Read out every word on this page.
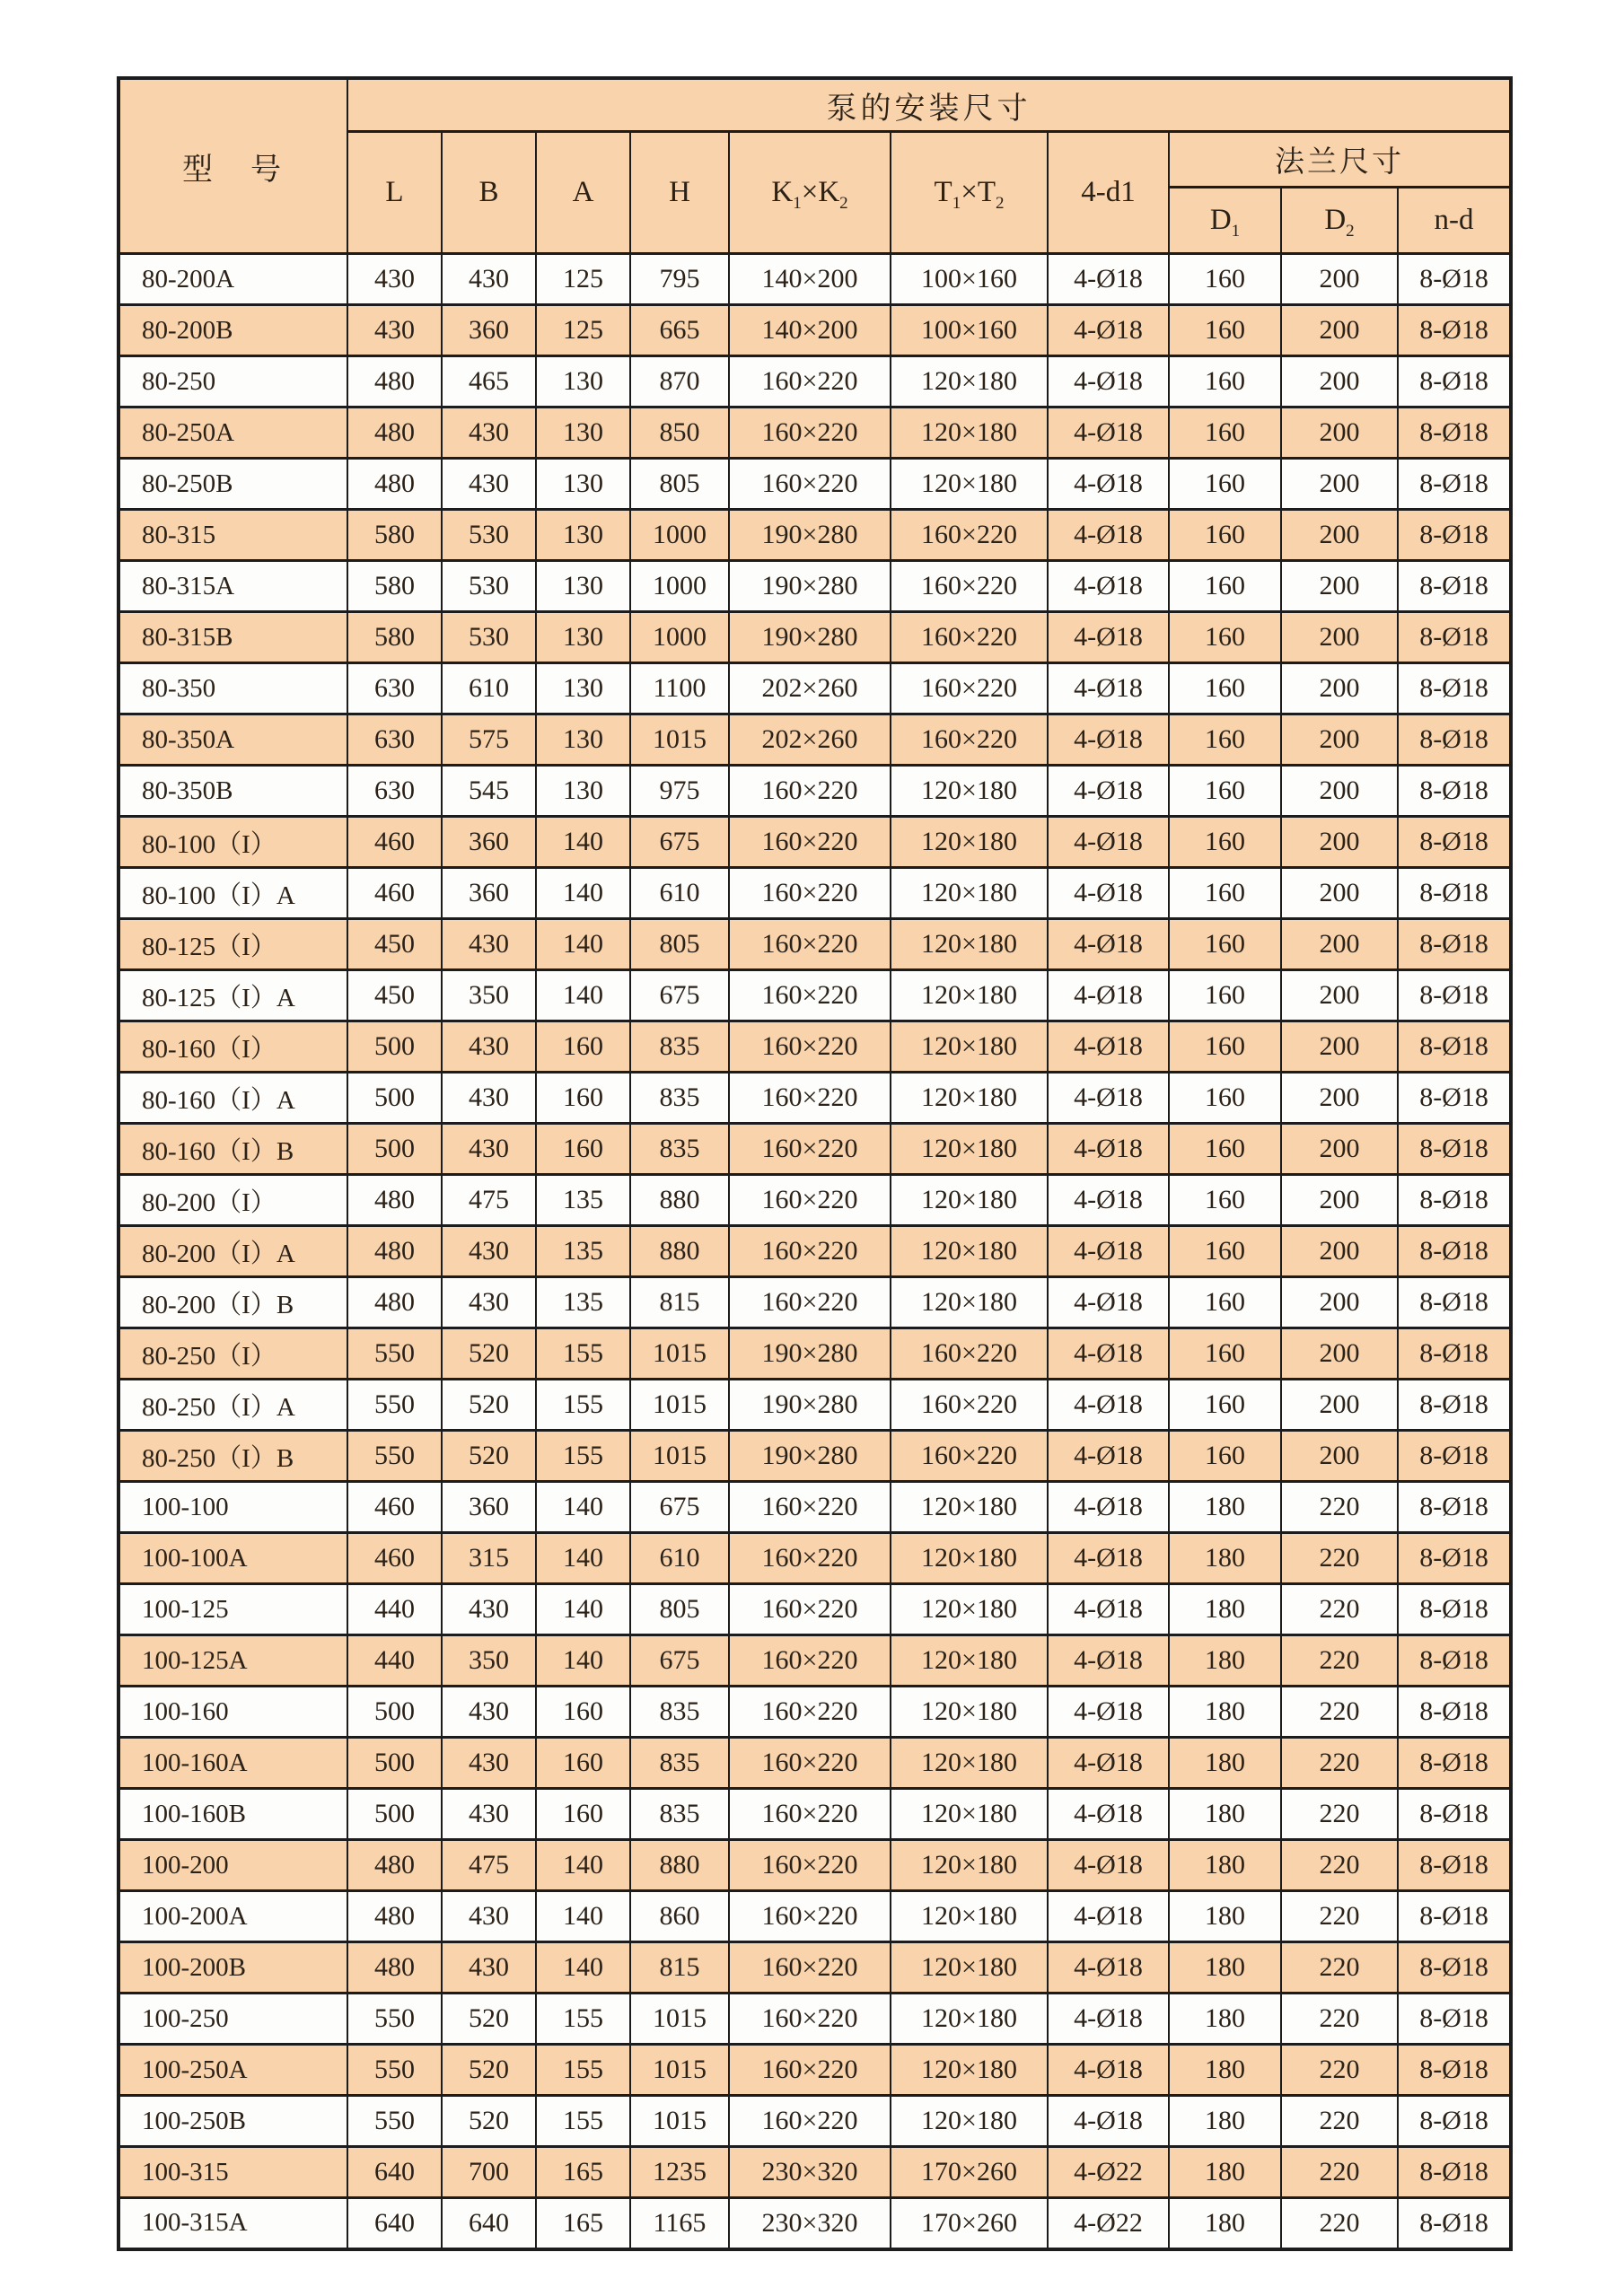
型　号	泵的安装尺寸									
	L	B	A	H	$K_1\times K_2$	$T_1\times T_2$	4-d1	法兰尺寸		
								$D_1$	$D_2$	n-d
80-200A	430	430	125	795	140×200	100×160	4-Ø18	160	200	8-Ø18
80-200B	430	360	125	665	140×200	100×160	4-Ø18	160	200	8-Ø18
80-250	480	465	130	870	160×220	120×180	4-Ø18	160	200	8-Ø18
80-250A	480	430	130	850	160×220	120×180	4-Ø18	160	200	8-Ø18
80-250B	480	430	130	805	160×220	120×180	4-Ø18	160	200	8-Ø18
80-315	580	530	130	1000	190×280	160×220	4-Ø18	160	200	8-Ø18
80-315A	580	530	130	1000	190×280	160×220	4-Ø18	160	200	8-Ø18
80-315B	580	530	130	1000	190×280	160×220	4-Ø18	160	200	8-Ø18
80-350	630	610	130	1100	202×260	160×220	4-Ø18	160	200	8-Ø18
80-350A	630	575	130	1015	202×260	160×220	4-Ø18	160	200	8-Ø18
80-350B	630	545	130	975	160×220	120×180	4-Ø18	160	200	8-Ø18
80-100（I）	460	360	140	675	160×220	120×180	4-Ø18	160	200	8-Ø18
80-100（I）A	460	360	140	610	160×220	120×180	4-Ø18	160	200	8-Ø18
80-125（I）	450	430	140	805	160×220	120×180	4-Ø18	160	200	8-Ø18
80-125（I）A	450	350	140	675	160×220	120×180	4-Ø18	160	200	8-Ø18
80-160（I）	500	430	160	835	160×220	120×180	4-Ø18	160	200	8-Ø18
80-160（I）A	500	430	160	835	160×220	120×180	4-Ø18	160	200	8-Ø18
80-160（I）B	500	430	160	835	160×220	120×180	4-Ø18	160	200	8-Ø18
80-200（I）	480	475	135	880	160×220	120×180	4-Ø18	160	200	8-Ø18
80-200（I）A	480	430	135	880	160×220	120×180	4-Ø18	160	200	8-Ø18
80-200（I）B	480	430	135	815	160×220	120×180	4-Ø18	160	200	8-Ø18
80-250（I）	550	520	155	1015	190×280	160×220	4-Ø18	160	200	8-Ø18
80-250（I）A	550	520	155	1015	190×280	160×220	4-Ø18	160	200	8-Ø18
80-250（I）B	550	520	155	1015	190×280	160×220	4-Ø18	160	200	8-Ø18
100-100	460	360	140	675	160×220	120×180	4-Ø18	180	220	8-Ø18
100-100A	460	315	140	610	160×220	120×180	4-Ø18	180	220	8-Ø18
100-125	440	430	140	805	160×220	120×180	4-Ø18	180	220	8-Ø18
100-125A	440	350	140	675	160×220	120×180	4-Ø18	180	220	8-Ø18
100-160	500	430	160	835	160×220	120×180	4-Ø18	180	220	8-Ø18
100-160A	500	430	160	835	160×220	120×180	4-Ø18	180	220	8-Ø18
100-160B	500	430	160	835	160×220	120×180	4-Ø18	180	220	8-Ø18
100-200	480	475	140	880	160×220	120×180	4-Ø18	180	220	8-Ø18
100-200A	480	430	140	860	160×220	120×180	4-Ø18	180	220	8-Ø18
100-200B	480	430	140	815	160×220	120×180	4-Ø18	180	220	8-Ø18
100-250	550	520	155	1015	160×220	120×180	4-Ø18	180	220	8-Ø18
100-250A	550	520	155	1015	160×220	120×180	4-Ø18	180	220	8-Ø18
100-250B	550	520	155	1015	160×220	120×180	4-Ø18	180	220	8-Ø18
100-315	640	700	165	1235	230×320	170×260	4-Ø22	180	220	8-Ø18
100-315A	640	640	165	1165	230×320	170×260	4-Ø22	180	220	8-Ø18
